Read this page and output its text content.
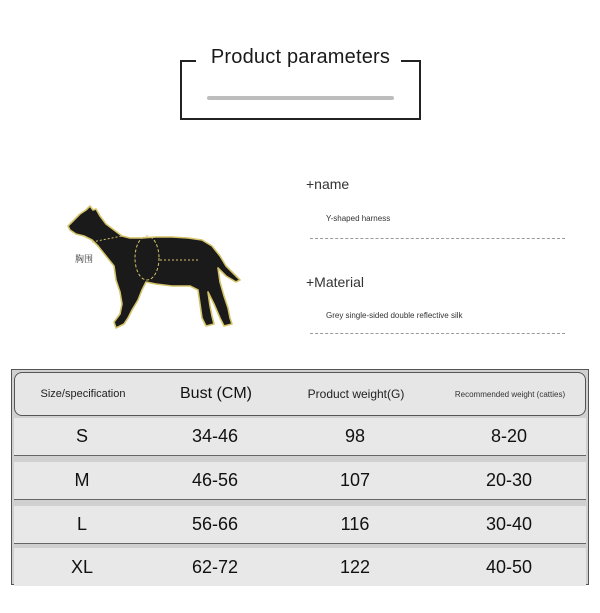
Product parameters
胸围
+name
Y-shaped harness
+Material
Grey single-sided double reflective silk
Size/specification	Bust (CM)	Product weight(G)	Recommended weight (catties)
S	34-46	98	8-20
M	46-56	107	20-30
L	56-66	116	30-40
XL	62-72	122	40-50
